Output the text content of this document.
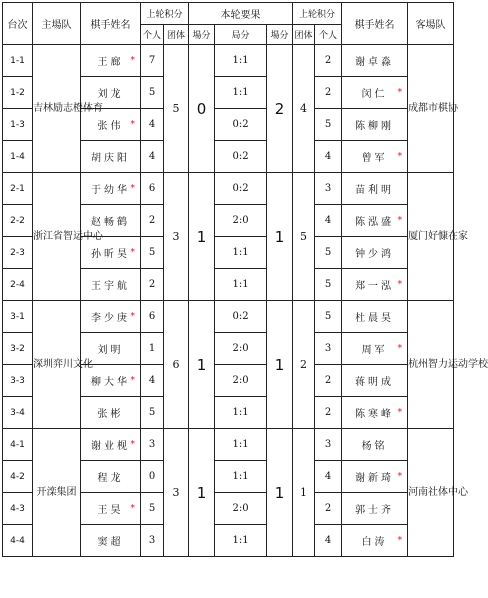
台次	主場队	棋手姓名	上轮积分		本轮要果			上轮积分		棋手姓名	客場队
			个人	团体	場分	局分	場分	团体	个人		
1-1	吉林励志橙体育	王廊 *	7	5	0	1:1	2	4	2	谢卓淼	成都市棋协
1-2		刘龙	5			1:1			2	闵仁 *	

1-3		张伟 *	4			0:2			5	陈柳刚	

1-4		胡庆阳	4			0:2			4	曾军 *	

2-1	浙江省智运中心	于幼华 *	6	3	1	0:2	1	5	3	苗利明	厦门好慷在家
2-2		赵畅鹤	2			2:0			4	陈泓盛 *	

2-3		孙昕昊 *	5			1:1			5	钟少鸿	

2-4		王宇航	2			1:1			5	郑一泓 *	

3-1	深圳弈川文化	李少庚 *	6	6	1	0:2	1	2	5	杜晨昊	杭州智力运动学校
3-2		刘明	1			2:0			3	周军 *	

3-3		柳大华 *	4			2:0			2	蒋明成	

3-4		张彬	5			1:1			2	陈寒峰 *	

4-1	开滦集团	谢业枧 *	3	3	1	1:1	1	1	3	杨铭	河南社体中心
4-2		程龙	0			1:1			4	谢新琦 *	

4-3		王昊 *	5			2:0			2	郭士齐	

4-4		窦超	3			1:1			4	白涛 *	
